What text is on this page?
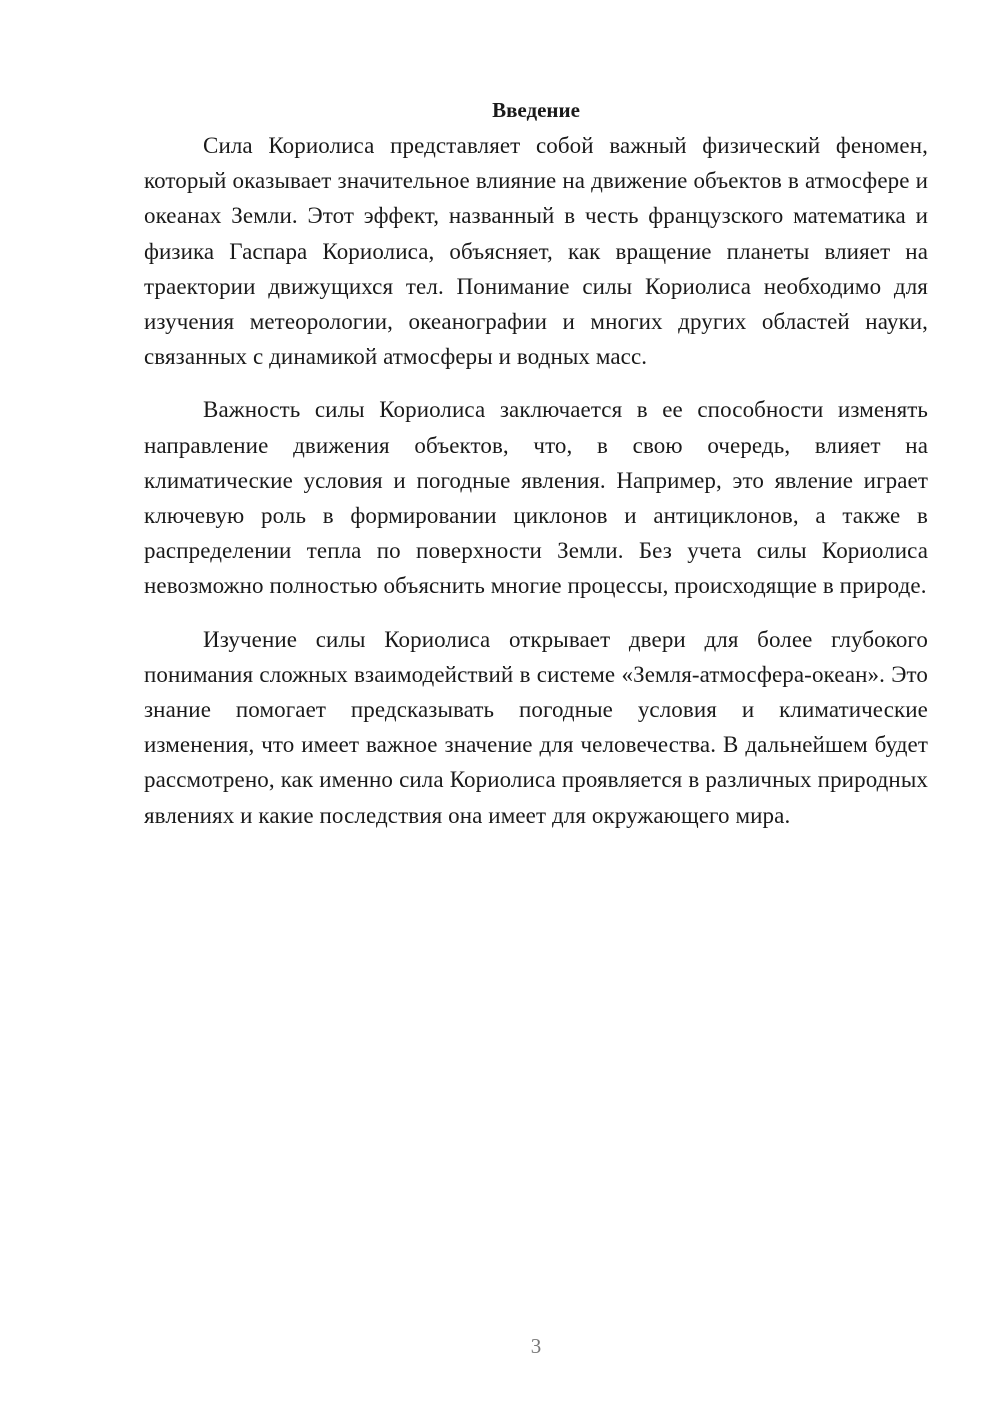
Введение

Сила Кориолиса представляет собой важный физический феномен, который оказывает значительное влияние на движение объектов в атмосфере и океанах Земли. Этот эффект, названный в честь французского математика и физика Гаспара Кориолиса, объясняет, как вращение планеты влияет на траектории движущихся тел. Понимание силы Кориолиса необходимо для изучения метеорологии, океанографии и многих других областей науки, связанных с динамикой атмосферы и водных масс.

Важность силы Кориолиса заключается в ее способности изменять направление движения объектов, что, в свою очередь, влияет на климатические условия и погодные явления. Например, это явление играет ключевую роль в формировании циклонов и антициклонов, а также в распределении тепла по поверхности Земли. Без учета силы Кориолиса невозможно полностью объяснить многие процессы, происходящие в природе.

Изучение силы Кориолиса открывает двери для более глубокого понимания сложных взаимодействий в системе «Земля-атмосфера-океан». Это знание помогает предсказывать погодные условия и климатические изменения, что имеет важное значение для человечества. В дальнейшем будет рассмотрено, как именно сила Кориолиса проявляется в различных природных явлениях и какие последствия она имеет для окружающего мира.

3
